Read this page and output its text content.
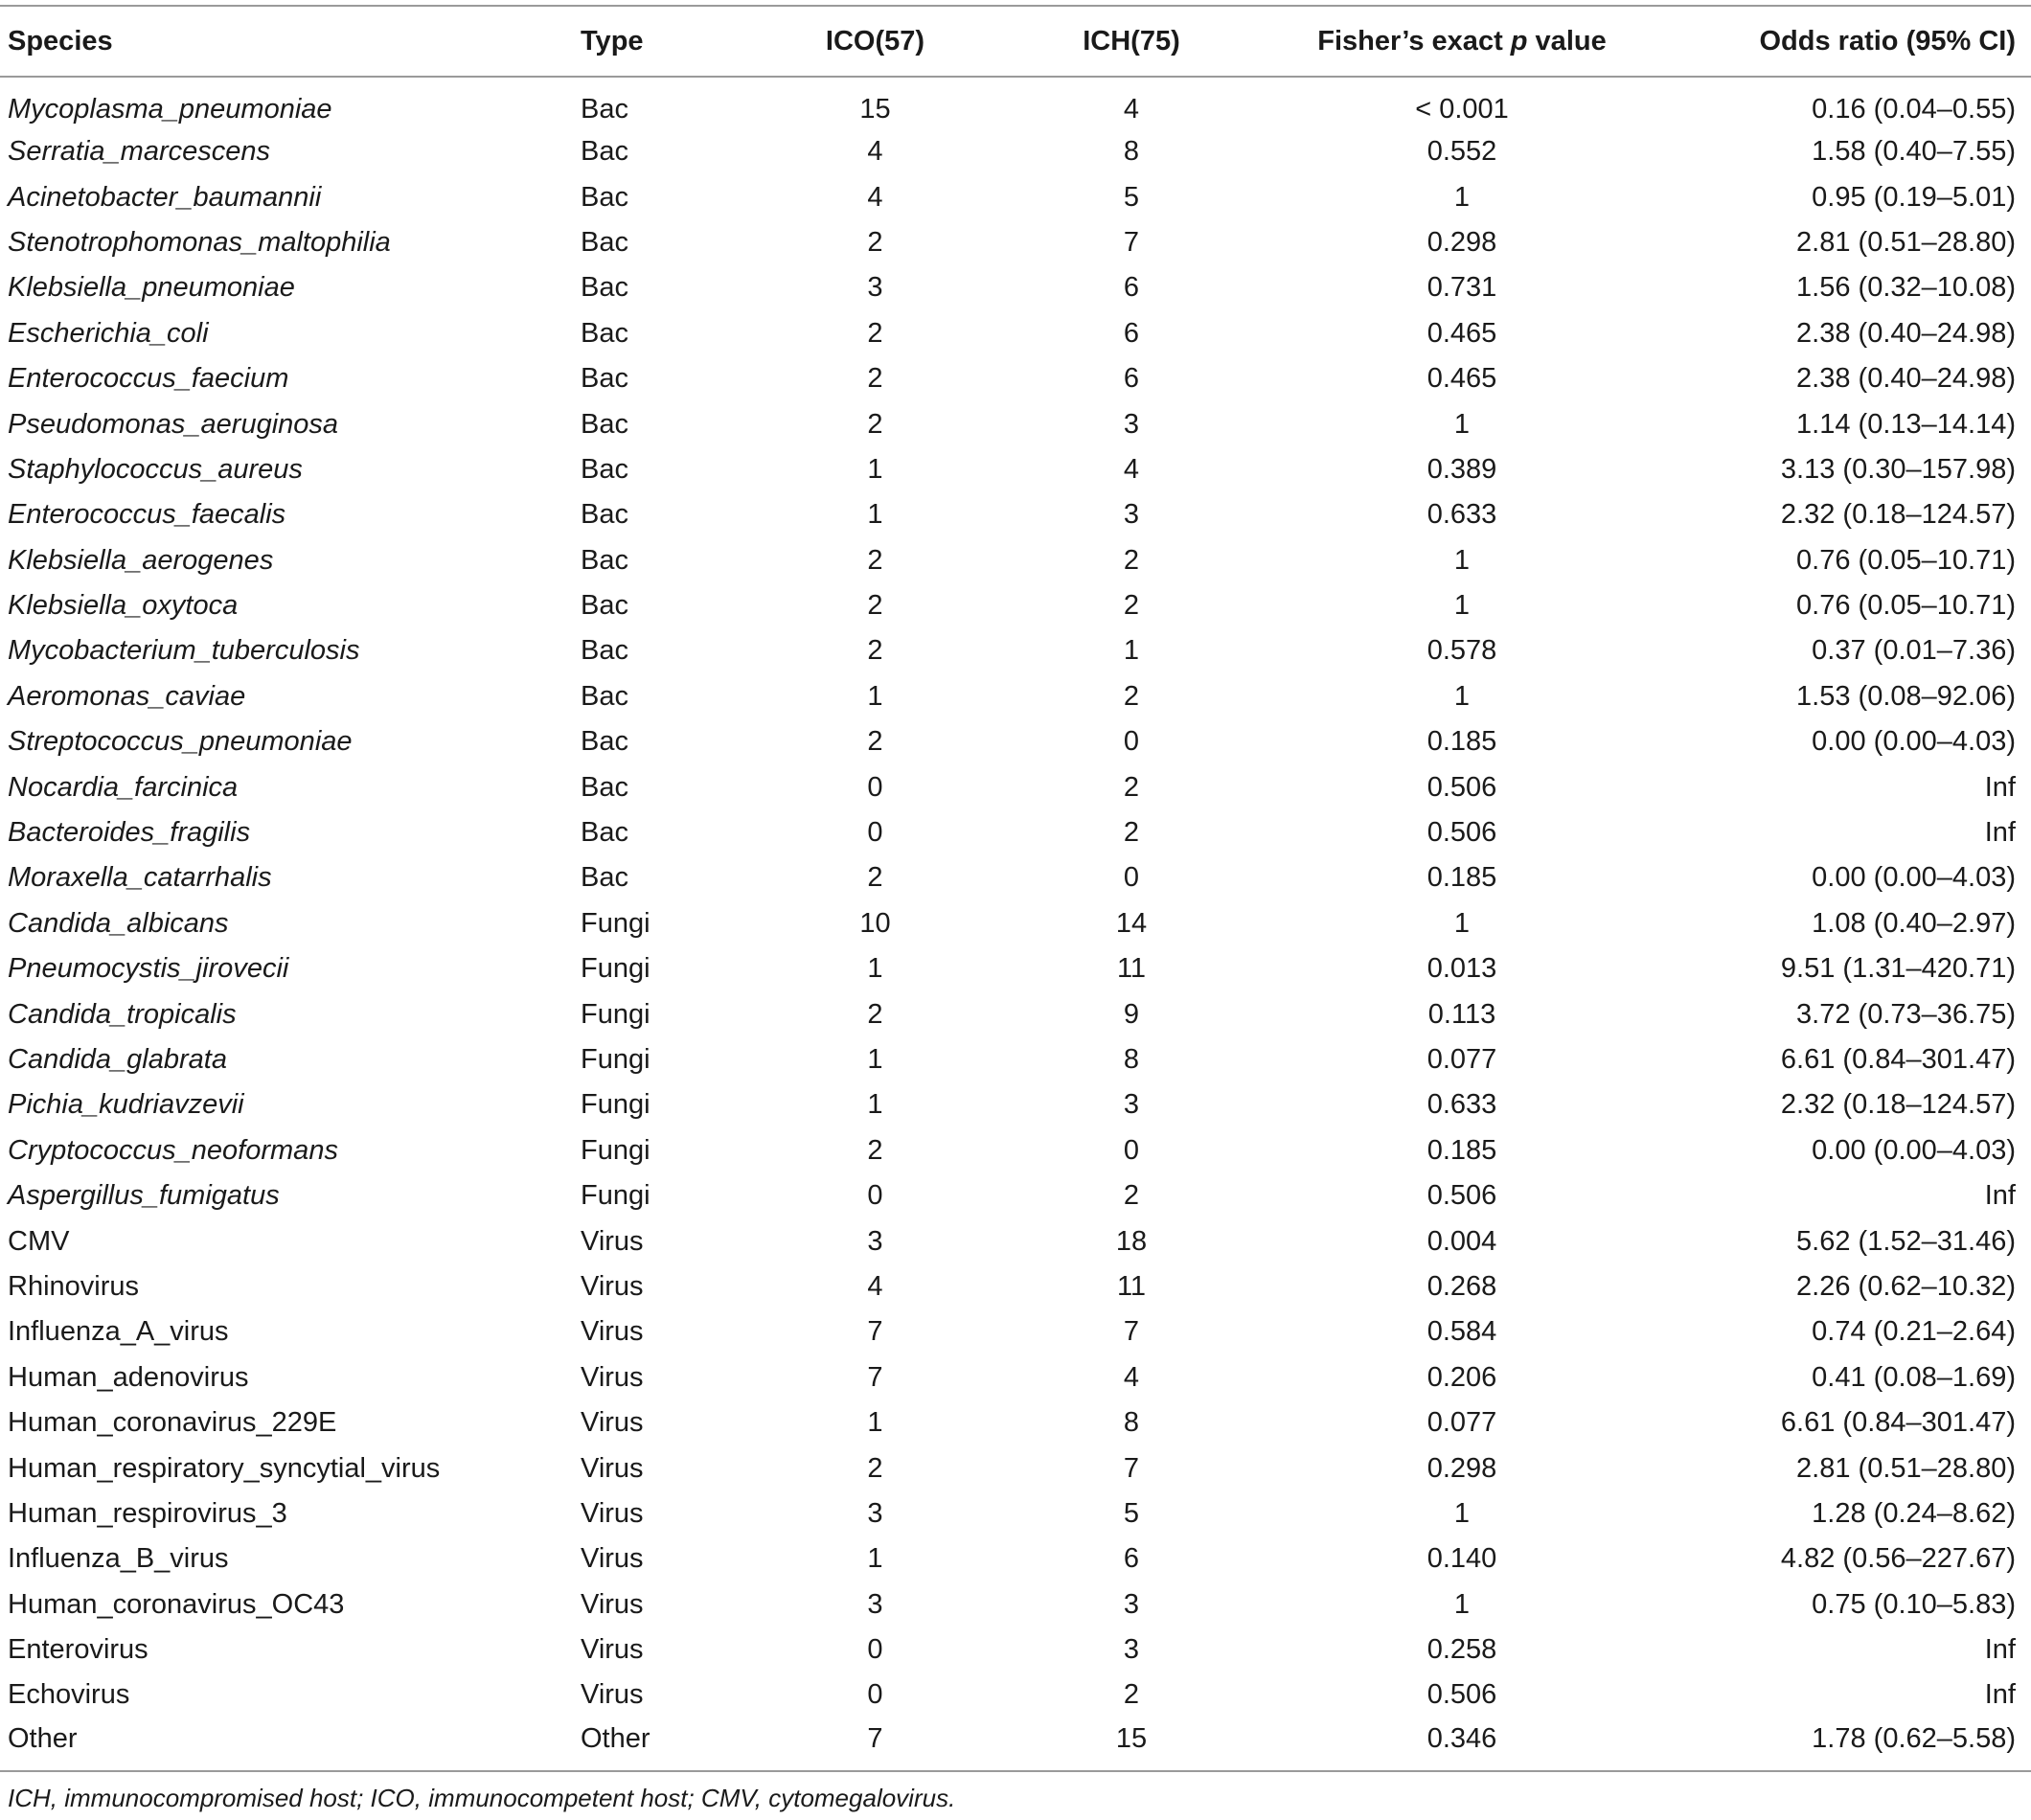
Species	Type	ICO(57)	ICH(75)	Fisher’s exact p value	Odds ratio (95% CI)
Mycoplasma_pneumoniae	Bac	15	4	< 0.001	0.16 (0.04–0.55)
Serratia_marcescens	Bac	4	8	0.552	1.58 (0.40–7.55)
Acinetobacter_baumannii	Bac	4	5	1	0.95 (0.19–5.01)
Stenotrophomonas_maltophilia	Bac	2	7	0.298	2.81 (0.51–28.80)
Klebsiella_pneumoniae	Bac	3	6	0.731	1.56 (0.32–10.08)
Escherichia_coli	Bac	2	6	0.465	2.38 (0.40–24.98)
Enterococcus_faecium	Bac	2	6	0.465	2.38 (0.40–24.98)
Pseudomonas_aeruginosa	Bac	2	3	1	1.14 (0.13–14.14)
Staphylococcus_aureus	Bac	1	4	0.389	3.13 (0.30–157.98)
Enterococcus_faecalis	Bac	1	3	0.633	2.32 (0.18–124.57)
Klebsiella_aerogenes	Bac	2	2	1	0.76 (0.05–10.71)
Klebsiella_oxytoca	Bac	2	2	1	0.76 (0.05–10.71)
Mycobacterium_tuberculosis	Bac	2	1	0.578	0.37 (0.01–7.36)
Aeromonas_caviae	Bac	1	2	1	1.53 (0.08–92.06)
Streptococcus_pneumoniae	Bac	2	0	0.185	0.00 (0.00–4.03)
Nocardia_farcinica	Bac	0	2	0.506	Inf
Bacteroides_fragilis	Bac	0	2	0.506	Inf
Moraxella_catarrhalis	Bac	2	0	0.185	0.00 (0.00–4.03)
Candida_albicans	Fungi	10	14	1	1.08 (0.40–2.97)
Pneumocystis_jirovecii	Fungi	1	11	0.013	9.51 (1.31–420.71)
Candida_tropicalis	Fungi	2	9	0.113	3.72 (0.73–36.75)
Candida_glabrata	Fungi	1	8	0.077	6.61 (0.84–301.47)
Pichia_kudriavzevii	Fungi	1	3	0.633	2.32 (0.18–124.57)
Cryptococcus_neoformans	Fungi	2	0	0.185	0.00 (0.00–4.03)
Aspergillus_fumigatus	Fungi	0	2	0.506	Inf
CMV	Virus	3	18	0.004	5.62 (1.52–31.46)
Rhinovirus	Virus	4	11	0.268	2.26 (0.62–10.32)
Influenza_A_virus	Virus	7	7	0.584	0.74 (0.21–2.64)
Human_adenovirus	Virus	7	4	0.206	0.41 (0.08–1.69)
Human_coronavirus_229E	Virus	1	8	0.077	6.61 (0.84–301.47)
Human_respiratory_syncytial_virus	Virus	2	7	0.298	2.81 (0.51–28.80)
Human_respirovirus_3	Virus	3	5	1	1.28 (0.24–8.62)
Influenza_B_virus	Virus	1	6	0.140	4.82 (0.56–227.67)
Human_coronavirus_OC43	Virus	3	3	1	0.75 (0.10–5.83)
Enterovirus	Virus	0	3	0.258	Inf
Echovirus	Virus	0	2	0.506	Inf
Other	Other	7	15	0.346	1.78 (0.62–5.58)
ICH, immunocompromised host; ICO, immunocompetent host; CMV, cytomegalovirus.
